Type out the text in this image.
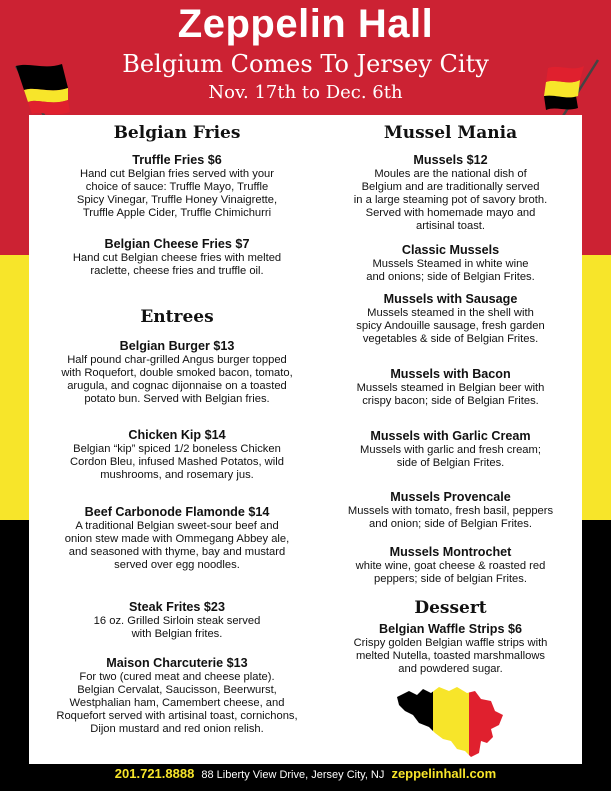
Zeppelin Hall
Belgium Comes To Jersey City
Nov. 17th to Dec. 6th
Belgian Fries
Truffle Fries $6
Hand cut Belgian fries served with your
choice of sauce: Truffle Mayo, Truffle
Spicy Vinegar, Truffle Honey Vinaigrette,
Truffle Apple Cider, Truffle Chimichurri
Belgian Cheese Fries $7
Hand cut Belgian cheese fries with melted
raclette, cheese fries and truffle oil.
Entrees
Belgian Burger $13
Half pound char-grilled Angus burger topped
with Roquefort, double smoked bacon, tomato,
arugula, and cognac dijonnaise on a toasted
potato bun. Served with Belgian fries.
Chicken Kip $14
Belgian “kip” spiced 1/2 boneless Chicken
Cordon Bleu, infused Mashed Potatos, wild
mushrooms, and rosemary jus.
Beef Carbonode Flamonde $14
A traditional Belgian sweet-sour beef and
onion stew made with Ommegang Abbey ale,
and seasoned with thyme, bay and mustard
served over egg noodles.
Steak Frites $23
16 oz. Grilled Sirloin steak served
with Belgian frites.
Maison Charcuterie $13
For two (cured meat and cheese plate).
Belgian Cervalat, Saucisson, Beerwurst,
Westphalian ham, Camembert cheese, and
Roquefort served with artisinal toast, cornichons,
Dijon mustard and red onion relish.
Mussel Mania
Mussels $12
Moules are the national dish of
Belgium and are traditionally served
in a large steaming pot of savory broth.
Served with homemade mayo and
artisinal toast.
Classic Mussels
Mussels Steamed in white wine
and onions; side of Belgian Frites.
Mussels with Sausage
Mussels steamed in the shell with
spicy Andouille sausage, fresh garden
vegetables & side of Belgian Frites.
Mussels with Bacon
Mussels steamed in Belgian beer with
crispy bacon; side of Belgian Frites.
Mussels with Garlic Cream
Mussels with garlic and fresh cream;
side of Belgian Frites.
Mussels Provencale
Mussels with tomato, fresh basil, peppers
and onion; side of Belgian Frites.
Mussels Montrochet
white wine, goat cheese & roasted red
peppers; side of belgian Frites.
Dessert
Belgian Waffle Strips $6
Crispy golden Belgian waffle strips with
melted Nutella, toasted marshmallows
and powdered sugar.
201.721.8888 88 Liberty View Drive, Jersey City, NJ zeppelinhall.com
